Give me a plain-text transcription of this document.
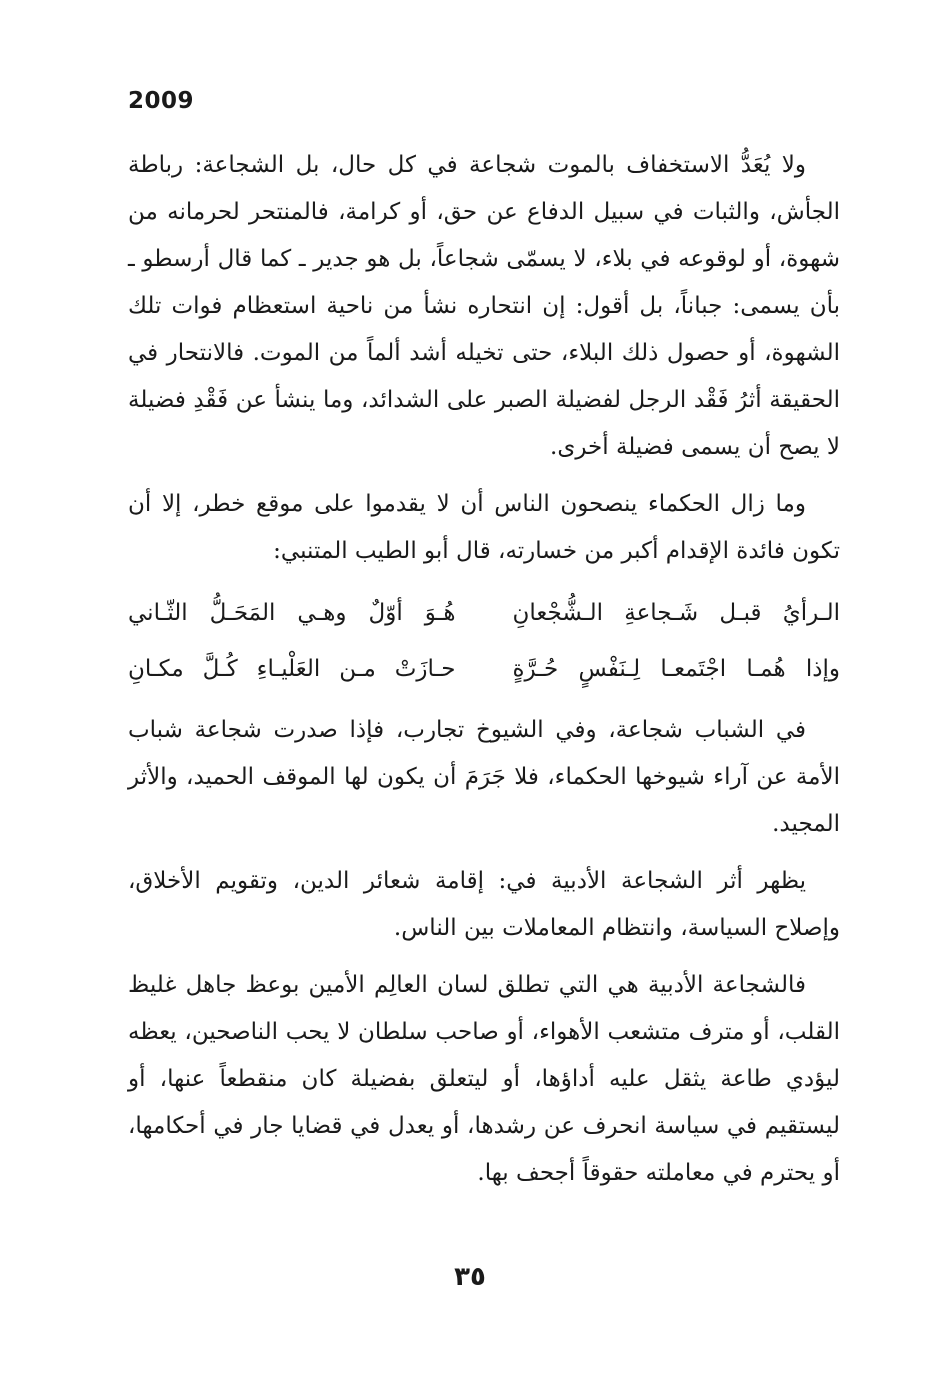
2009

ولا يُعَدُّ الاستخفاف بالموت شجاعة في كل حال، بل الشجاعة: رباطة الجأش، والثبات في سبيل الدفاع عن حق، أو كرامة، فالمنتحر لحرمانه من شهوة، أو لوقوعه في بلاء، لا يسمّى شجاعاً، بل هو جدير ـ كما قال أرسطو ـ بأن يسمى: جباناً، بل أقول: إن انتحاره نشأ من ناحية استعظام فوات تلك الشهوة، أو حصول ذلك البلاء، حتى تخيله أشد ألماً من الموت. فالانتحار في الحقيقة أثرُ فَقْد الرجل لفضيلة الصبر على الشدائد، وما ينشأ عن فَقْدِ فضيلة لا يصح أن يسمى فضيلة أخرى.

وما زال الحكماء ينصحون الناس أن لا يقدموا على موقع خطر، إلا أن تكون فائدة الإقدام أكبر من خسارته، قال أبو الطيب المتنبي:

الـرأيُ قبـل شَـجاعةِ الـشُّجْعانِ
هُـوَ أوّلٌ وهـي المَحَـلُّ الثّـاني
وإذا هُمـا اجْتَمعـا لِـنَفْسٍ حُـرَّةٍ
حـازَتْ مـن العَلْيـاءِ كُـلَّ مكـانِ

في الشباب شجاعة، وفي الشيوخ تجارب، فإذا صدرت شجاعة شباب الأمة عن آراء شيوخها الحكماء، فلا جَرَمَ أن يكون لها الموقف الحميد، والأثر المجيد.

يظهر أثر الشجاعة الأدبية في: إقامة شعائر الدين، وتقويم الأخلاق، وإصلاح السياسة، وانتظام المعاملات بين الناس.

فالشجاعة الأدبية هي التي تطلق لسان العالِم الأمين بوعظ جاهل غليظ القلب، أو مترف متشعب الأهواء، أو صاحب سلطان لا يحب الناصحين، يعظه ليؤدي طاعة يثقل عليه أداؤها، أو ليتعلق بفضيلة كان منقطعاً عنها، أو ليستقيم في سياسة انحرف عن رشدها، أو يعدل في قضايا جار في أحكامها، أو يحترم في معاملته حقوقاً أجحف بها.

٣٥
